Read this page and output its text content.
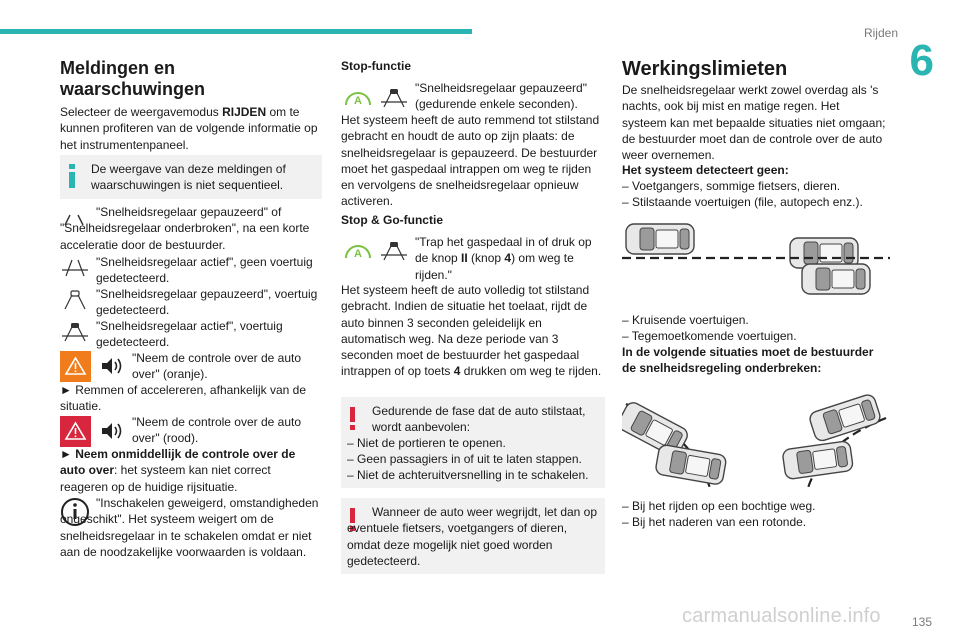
Rijden
6
Meldingen en waarschuwingen
Selecteer de weergavemodus RIJDEN om te kunnen profiteren van de volgende informatie op het instrumentenpaneel.
De weergave van deze meldingen of waarschuwingen is niet sequentieel.
"Snelheidsregelaar gepauzeerd" of "Snelheidsregelaar onderbroken", na een korte acceleratie door de bestuurder.
"Snelheidsregelaar actief", geen voertuig gedetecteerd.
"Snelheidsregelaar gepauzeerd", voertuig gedetecteerd.
"Snelheidsregelaar actief", voertuig gedetecteerd.
"Neem de controle over de auto over" (oranje).
► Remmen of accelereren, afhankelijk van de situatie.
"Neem de controle over de auto over" (rood).
► Neem onmiddellijk de controle over de auto over: het systeem kan niet correct reageren op de huidige rijsituatie.
"Inschakelen geweigerd, omstandigheden ongeschikt". Het systeem weigert om de snelheidsregelaar in te schakelen omdat er niet aan de noodzakelijke voorwaarden is voldaan.
Stop-functie
A
"Snelheidsregelaar gepauzeerd" (gedurende enkele seconden).
Het systeem heeft de auto remmend tot stilstand gebracht en houdt de auto op zijn plaats: de snelheidsregelaar is gepauzeerd. De bestuurder moet het gaspedaal intrappen om weg te rijden en vervolgens de snelheidsregelaar opnieuw activeren.
Stop & Go-functie
A
"Trap het gaspedaal in of druk op de knop II (knop 4) om weg te rijden."
Het systeem heeft de auto volledig tot stilstand gebracht. Indien de situatie het toelaat, rijdt de auto binnen 3 seconden geleidelijk en automatisch weg. Na deze periode van 3 seconden moet de bestuurder het gaspedaal intrappen of op toets 4 drukken om weg te rijden.
Gedurende de fase dat de auto stilstaat, wordt aanbevolen:
– Niet de portieren te openen.
– Geen passagiers in of uit te laten stappen.
– Niet de achteruitversnelling in te schakelen.
Wanneer de auto weer wegrijdt, let dan op eventuele fietsers, voetgangers of dieren, omdat deze mogelijk niet goed worden gedetecteerd.
Werkingslimieten
De snelheidsregelaar werkt zowel overdag als 's nachts, ook bij mist en matige regen. Het systeem kan met bepaalde situaties niet omgaan; de bestuurder moet dan de controle over de auto weer overnemen.
Het systeem detecteert geen:
– Voetgangers, sommige fietsers, dieren.
– Stilstaande voertuigen (file, autopech enz.).
– Kruisende voertuigen.
– Tegemoetkomende voertuigen.
In de volgende situaties moet de bestuurder de snelheidsregeling onderbreken:
– Bij het rijden op een bochtige weg.
– Bij het naderen van een rotonde.
carmanualsonline.info	135
